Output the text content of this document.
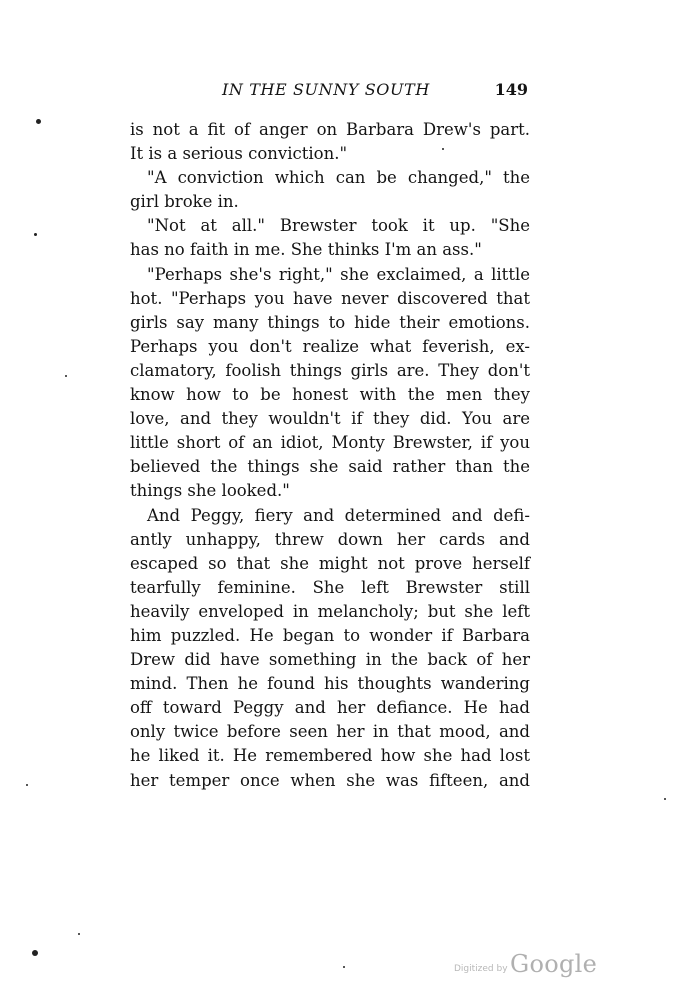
IN THE SUNNY SOUTH	149
is not a fit of anger on Barbara Drew's part.
It is a serious conviction."
"A conviction which can be changed," the
girl broke in.
"Not at all." Brewster took it up. "She
has no faith in me. She thinks I'm an ass."
"Perhaps she's right," she exclaimed, a little
hot. "Perhaps you have never discovered that
girls say many things to hide their emotions.
Perhaps you don't realize what feverish, ex-
clamatory, foolish things girls are. They don't
know how to be honest with the men they
love, and they wouldn't if they did. You are
little short of an idiot, Monty Brewster, if you
believed the things she said rather than the
things she looked."
And Peggy, fiery and determined and defi-
antly unhappy, threw down her cards and
escaped so that she might not prove herself
tearfully feminine. She left Brewster still
heavily enveloped in melancholy; but she left
him puzzled. He began to wonder if Barbara
Drew did have something in the back of her
mind. Then he found his thoughts wandering
off toward Peggy and her defiance. He had
only twice before seen her in that mood, and
he liked it. He remembered how she had lost
her temper once when she was fifteen, and
Digitized by Google
